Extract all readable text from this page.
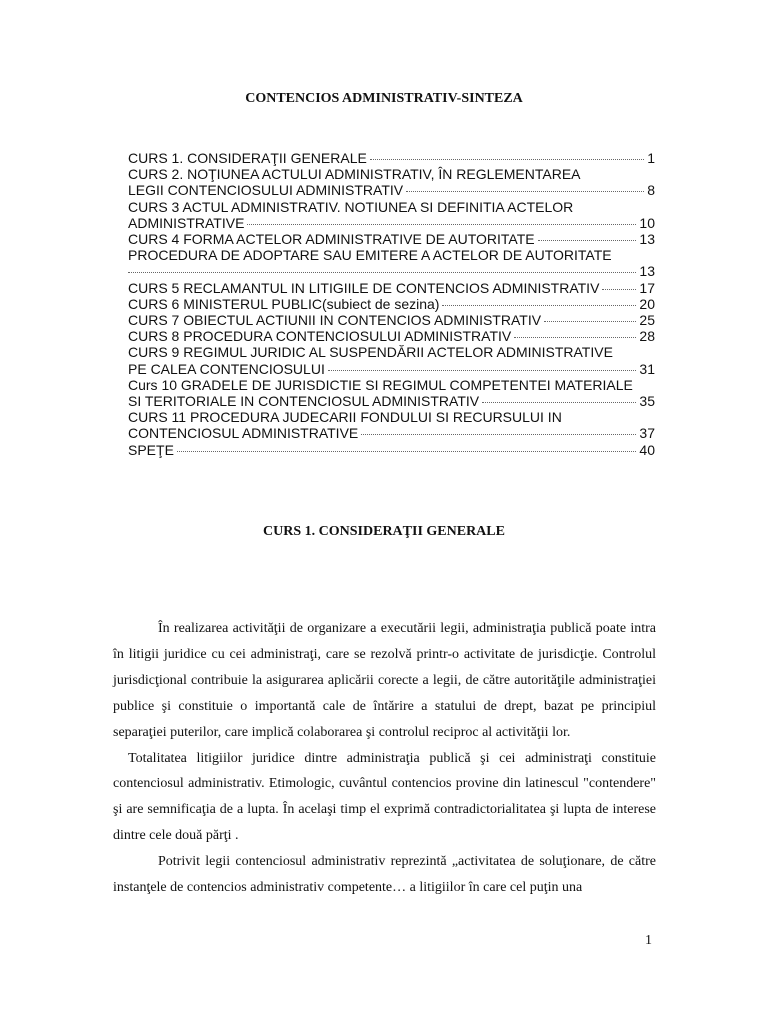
CONTENCIOS ADMINISTRATIV-SINTEZA
CURS 1. CONSIDERAŢII GENERALE	1
CURS 2. NOŢIUNEA ACTULUI ADMINISTRATIV, ÎN REGLEMENTAREA
LEGII CONTENCIOSULUI ADMINISTRATIV	8
CURS 3 ACTUL ADMINISTRATIV. NOTIUNEA SI DEFINITIA ACTELOR
ADMINISTRATIVE	10
CURS 4 FORMA ACTELOR ADMINISTRATIVE DE AUTORITATE	13
PROCEDURA DE ADOPTARE SAU EMITERE A ACTELOR DE AUTORITATE
13
CURS 5 RECLAMANTUL IN LITIGIILE DE CONTENCIOS ADMINISTRATIV	17
CURS 6 MINISTERUL PUBLIC(subiect de sezina)	20
CURS 7 OBIECTUL ACTIUNII IN CONTENCIOS ADMINISTRATIV	25
CURS 8 PROCEDURA CONTENCIOSULUI ADMINISTRATIV	28
CURS 9 REGIMUL JURIDIC AL SUSPENDĂRII ACTELOR ADMINISTRATIVE
PE CALEA CONTENCIOSULUI	31
Curs 10 GRADELE DE JURISDICTIE SI REGIMUL COMPETENTEI MATERIALE
SI TERITORIALE IN CONTENCIOSUL ADMINISTRATIV	35
CURS 11 PROCEDURA JUDECARII FONDULUI SI RECURSULUI IN
CONTENCIOSUL ADMINISTRATIVE	37
SPEŢE	40
CURS 1. CONSIDERAŢII GENERALE

În realizarea activităţii de organizare a executării legii, administraţia publică poate intra în litigii juridice cu cei administraţi, care se rezolvă printr-o activitate de jurisdicţie. Controlul jurisdicţional contribuie la asigurarea aplicării corecte a legii, de către autorităţile administraţiei publice şi constituie o importantă cale de întărire a statului de drept, bazat pe principiul separaţiei puterilor, care implică colaborarea şi controlul reciproc al activităţii lor.

Totalitatea litigiilor juridice dintre administraţia publică şi cei administraţi constituie contenciosul administrativ. Etimologic, cuvântul contencios provine din latinescul "contendere" şi are semnificaţia de a lupta. În acelaşi timp el exprimă contradictorialitatea şi lupta de interese dintre cele două părţi .

Potrivit legii contenciosul administrativ reprezintă „activitatea de soluţionare, de către instanţele de contencios administrativ competente… a litigiilor în care cel puţin una

1
